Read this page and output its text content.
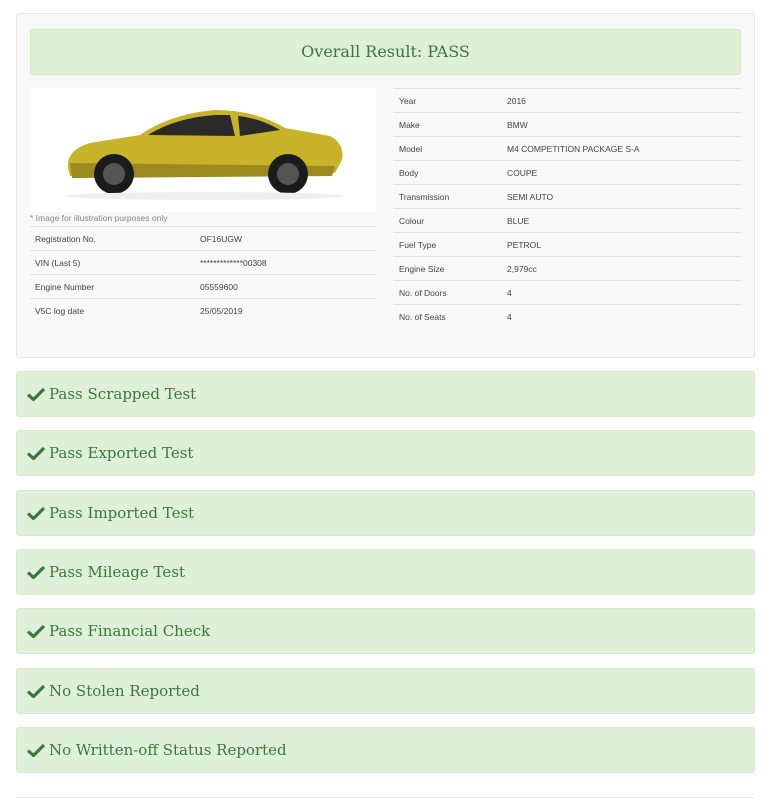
Overall Result: PASS
* Image for illustration purposes only
Registration No.	OF16UGW
VIN (Last 5)	*************00308
Engine Number	05559600
V5C log date	25/05/2019
Year	2016
Make	BMW
Model	M4 COMPETITION PACKAGE S-A
Body	COUPE
Transmission	SEMI AUTO
Colour	BLUE
Fuel Type	PETROL
Engine Size	2,979cc
No. of Doors	4
No. of Seats	4
Pass Scrapped Test
Pass Exported Test
Pass Imported Test
Pass Mileage Test
Pass Financial Check
No Stolen Reported
No Written-off Status Reported
